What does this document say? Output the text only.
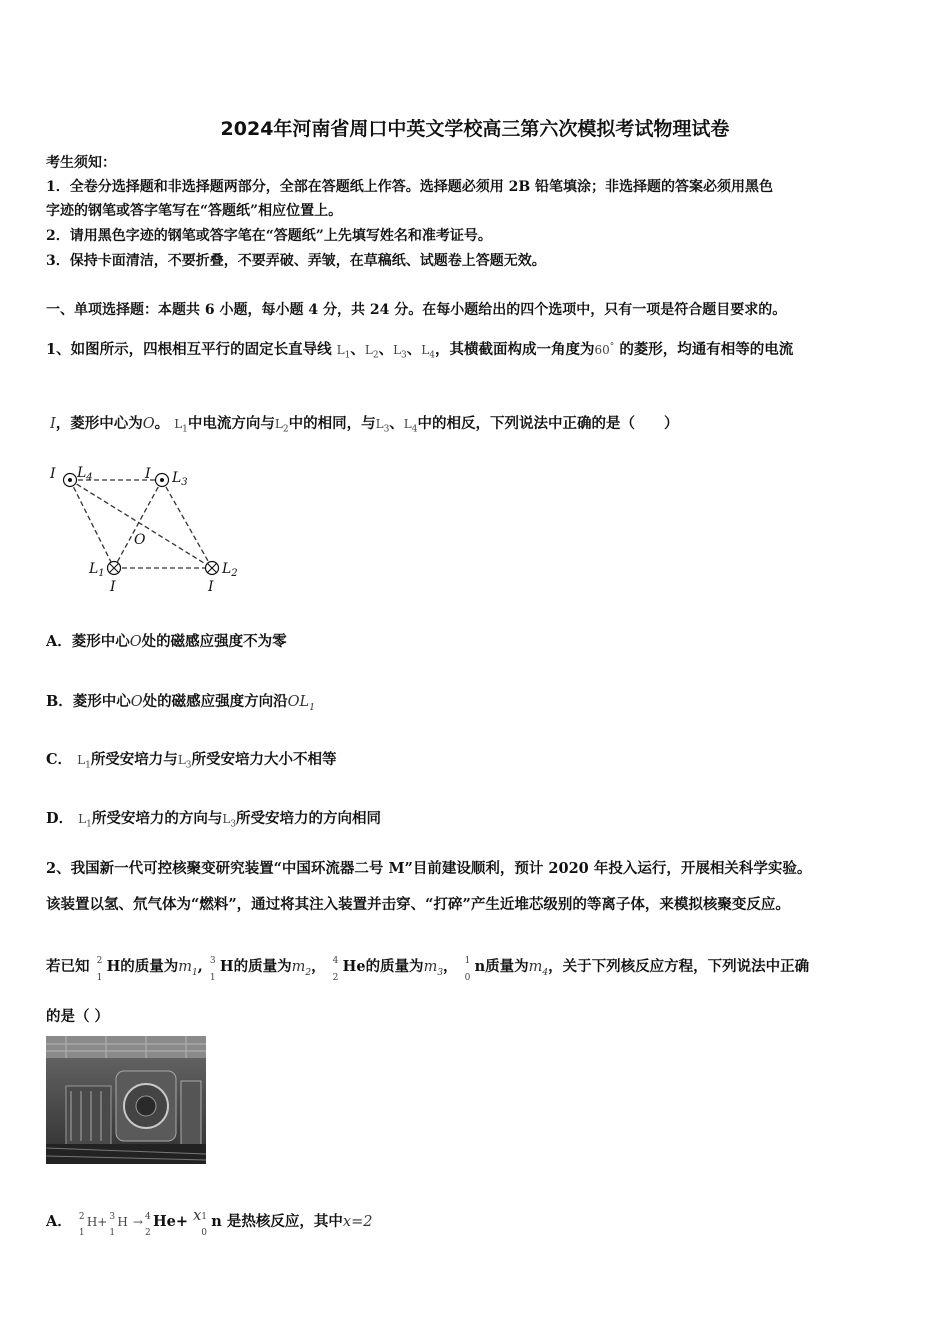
2024年河南省周口中英文学校高三第六次模拟考试物理试卷
考生须知：
1．全卷分选择题和非选择题两部分，全部在答题纸上作答。选择题必须用 2B 铅笔填涂；非选择题的答案必须用黑色
字迹的钢笔或答字笔写在“答题纸”相应位置上。
2．请用黑色字迹的钢笔或答字笔在“答题纸”上先填写姓名和准考证号。
3．保持卡面清洁，不要折叠，不要弄破、弄皱，在草稿纸、试题卷上答题无效。
一、单项选择题：本题共 6 小题，每小题 4 分，共 24 分。在每小题给出的四个选项中，只有一项是符合题目要求的。
1、如图所示，四根相互平行的固定长直导线 $L_1$、$L_2$、$L_3$、$L_4$，其横截面构成一角度为60° 的菱形，均通有相等的电流
I，菱形中心为O。 $L_1$中电流方向与$L_2$中的相同，与$L_3$、$L_4$中的相反，下列说法中正确的是（　　）
I $L_4$	I $L_3$
O
$L_1$
I
$L_2$
I
A．菱形中心O处的磁感应强度不为零
B．菱形中心O处的磁感应强度方向沿$OL_1$
C． $L_1$所受安培力与$L_3$所受安培力大小不相等
D． $L_1$所受安培力的方向与$L_3$所受安培力的方向相同
2、我国新一代可控核聚变研究装置“中国环流器二号 M”目前建设顺利，预计 2020 年投入运行，开展相关科学实验。
该装置以氢、氘气体为“燃料”，通过将其注入装置并击穿、“打碎”产生近堆芯级别的等离子体，来模拟核聚变反应。
若已知 2
1
H的质量为$m_1$, 3
1
H的质量为$m_2$， 4
2
He的质量为$m_3$， 1
0
n质量为$m_4$，关于下列核反应方程，下列说法中正确
的是（ ）
A． 2
1
H+ 3
1
H → 4
2
He+ x 1
0
n 是热核反应，其中x=2
